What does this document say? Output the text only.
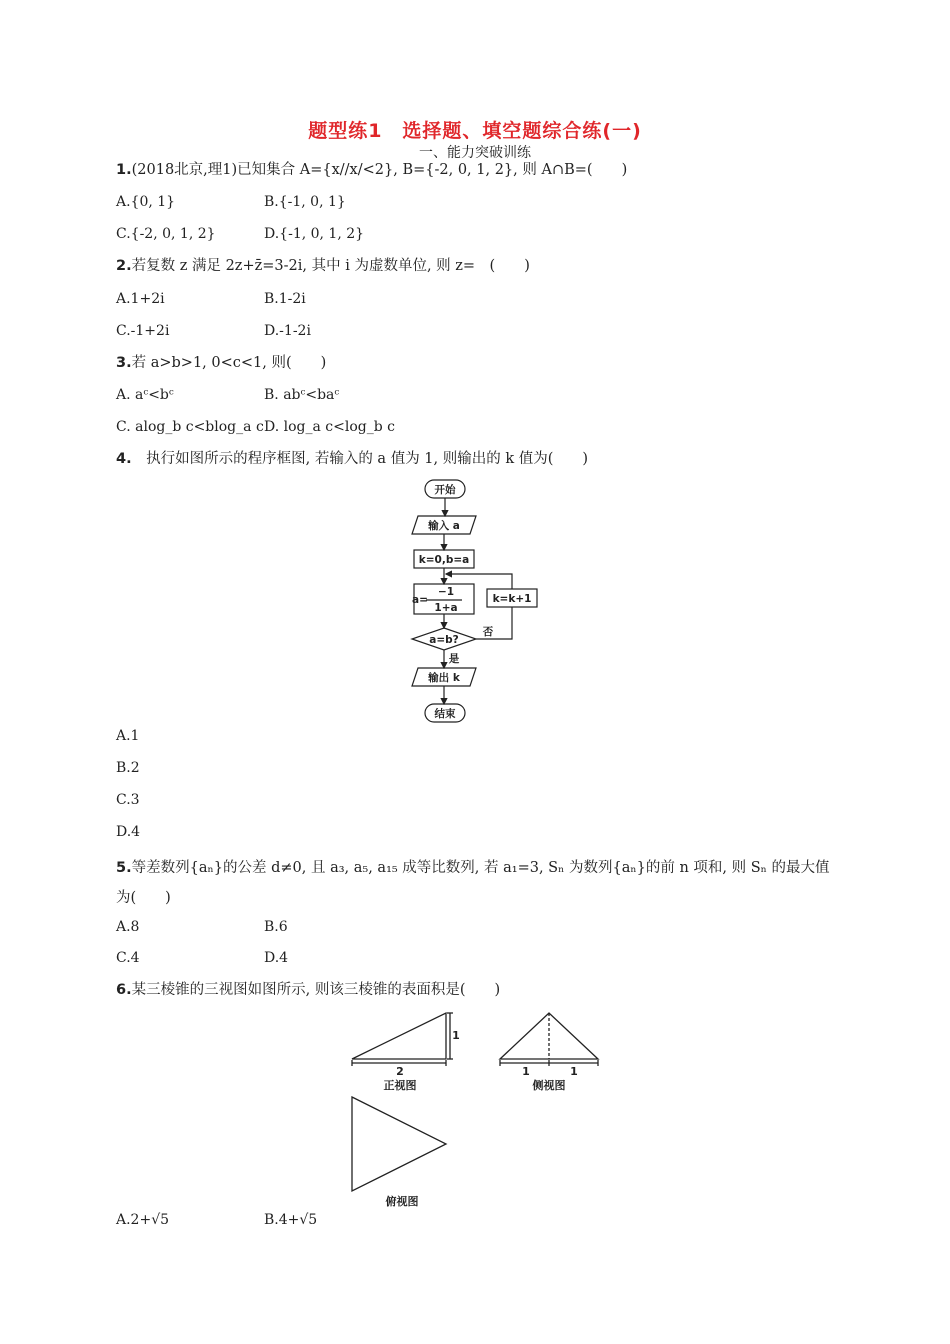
题型练1　选择题、填空题综合练(一)
一、能力突破训练
1.(2018北京,理1)已知集合 A={x//x/<2}, B={-2, 0, 1, 2}, 则 A∩B=(　　)
A.{0, 1}	B.{-1, 0, 1}
C.{-2, 0, 1, 2}	D.{-1, 0, 1, 2}
2.若复数 z 满足 2z+z̄=3-2i, 其中 i 为虚数单位, 则 z=　(　　)
A.1+2i	B.1-2i
C.-1+2i	D.-1-2i
3.若 a>b>1, 0<c<1, 则(　　)
A. aᶜ<bᶜ	B. abᶜ<baᶜ
C. alog_b c<blog_a c D. log_a c<log_b c
4.　执行如图所示的程序框图, 若输入的 a 值为 1, 则输出的 k 值为(　　)
开始
输入 a
k=0,b=a
a=
−1
1+a
k=k+1
a=b?
否
是
输出 k
结束
A.1
B.2
C.3
D.4
5.等差数列{aₙ}的公差 d≠0, 且 a₃, a₅, a₁₅ 成等比数列, 若 a₁=3, Sₙ 为数列{aₙ}的前 n 项和, 则 Sₙ 的最大值为(　　)
A.8	B.6
C.4	D.4
6.某三棱锥的三视图如图所示, 则该三棱锥的表面积是(　　)
2
1
正视图
1	1
侧视图
俯视图
A.2+√5	B.4+√5
